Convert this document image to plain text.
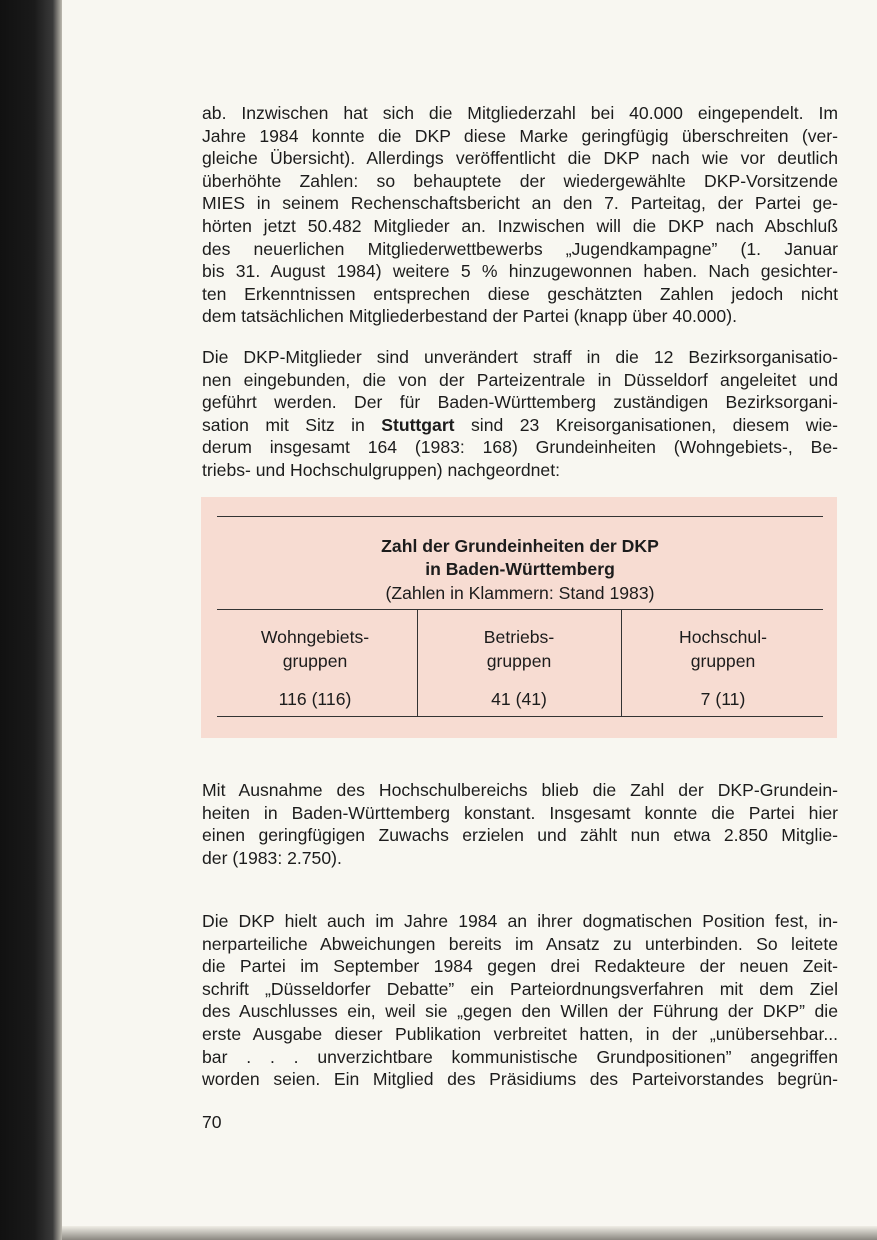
ab. Inzwischen hat sich die Mitgliederzahl bei 40.000 eingependelt. Im
Jahre 1984 konnte die DKP diese Marke geringfügig überschreiten (ver-
gleiche Übersicht). Allerdings veröffentlicht die DKP nach wie vor deutlich
überhöhte Zahlen: so behauptete der wiedergewählte DKP-Vorsitzende
MIES in seinem Rechenschaftsbericht an den 7. Parteitag, der Partei ge-
hörten jetzt 50.482 Mitglieder an. Inzwischen will die DKP nach Abschluß
des neuerlichen Mitgliederwettbewerbs „Jugendkampagne” (1. Januar
bis 31. August 1984) weitere 5 % hinzugewonnen haben. Nach gesichter-
ten Erkenntnissen entsprechen diese geschätzten Zahlen jedoch nicht
dem tatsächlichen Mitgliederbestand der Partei (knapp über 40.000).
Die DKP-Mitglieder sind unverändert straff in die 12 Bezirksorganisatio-
nen eingebunden, die von der Parteizentrale in Düsseldorf angeleitet und
geführt werden. Der für Baden-Württemberg zuständigen Bezirksorgani-
sation mit Sitz in Stuttgart sind 23 Kreisorganisationen, diesem wie-
derum insgesamt 164 (1983: 168) Grundeinheiten (Wohngebiets-, Be-
triebs- und Hochschulgruppen) nachgeordnet:
Zahl der Grundeinheiten der DKP
in Baden-Württemberg
(Zahlen in Klammern: Stand 1983)
Wohngebiets-
gruppen
116 (116)
Betriebs-
gruppen
41 (41)
Hochschul-
gruppen
7 (11)
Mit Ausnahme des Hochschulbereichs blieb die Zahl der DKP-Grundein-
heiten in Baden-Württemberg konstant. Insgesamt konnte die Partei hier
einen geringfügigen Zuwachs erzielen und zählt nun etwa 2.850 Mitglie-
der (1983: 2.750).
Die DKP hielt auch im Jahre 1984 an ihrer dogmatischen Position fest, in-
nerparteiliche Abweichungen bereits im Ansatz zu unterbinden. So leitete
die Partei im September 1984 gegen drei Redakteure der neuen Zeit-
schrift „Düsseldorfer Debatte” ein Parteiordnungsverfahren mit dem Ziel
des Auschlusses ein, weil sie „gegen den Willen der Führung der DKP” die
erste Ausgabe dieser Publikation verbreitet hatten, in der „unübersehbar...
bar . . . unverzichtbare kommunistische Grundpositionen” angegriffen
worden seien. Ein Mitglied des Präsidiums des Parteivorstandes begrün-
70
